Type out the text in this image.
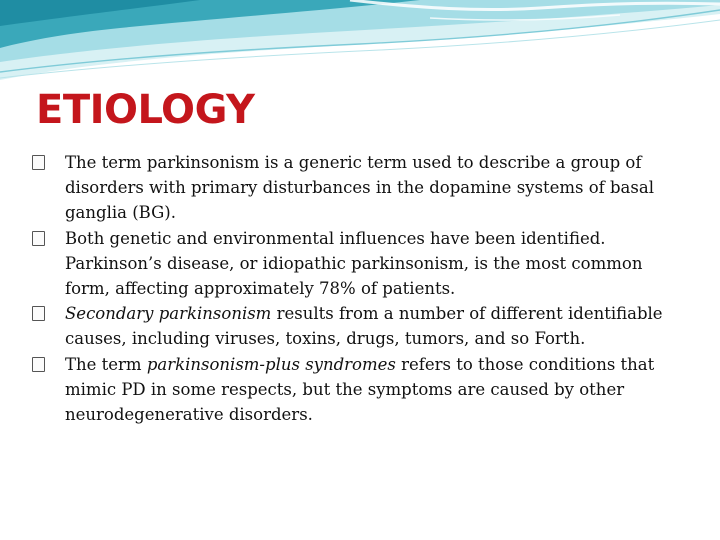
ETIOLOGY
The term parkinsonism is a generic term used to describe a group of disorders with primary disturbances in the dopamine systems of basal ganglia (BG).
Both genetic and environmental influences have been identified. Parkinson’s disease, or idiopathic parkinsonism, is the most common form, affecting approximately 78% of patients.
Secondary parkinsonism results from a number of different identifiable causes, including viruses, toxins, drugs, tumors, and so Forth.
The term parkinsonism-plus syndromes refers to those conditions that mimic PD in some respects, but the symptoms are caused by other neurodegenerative disorders.
